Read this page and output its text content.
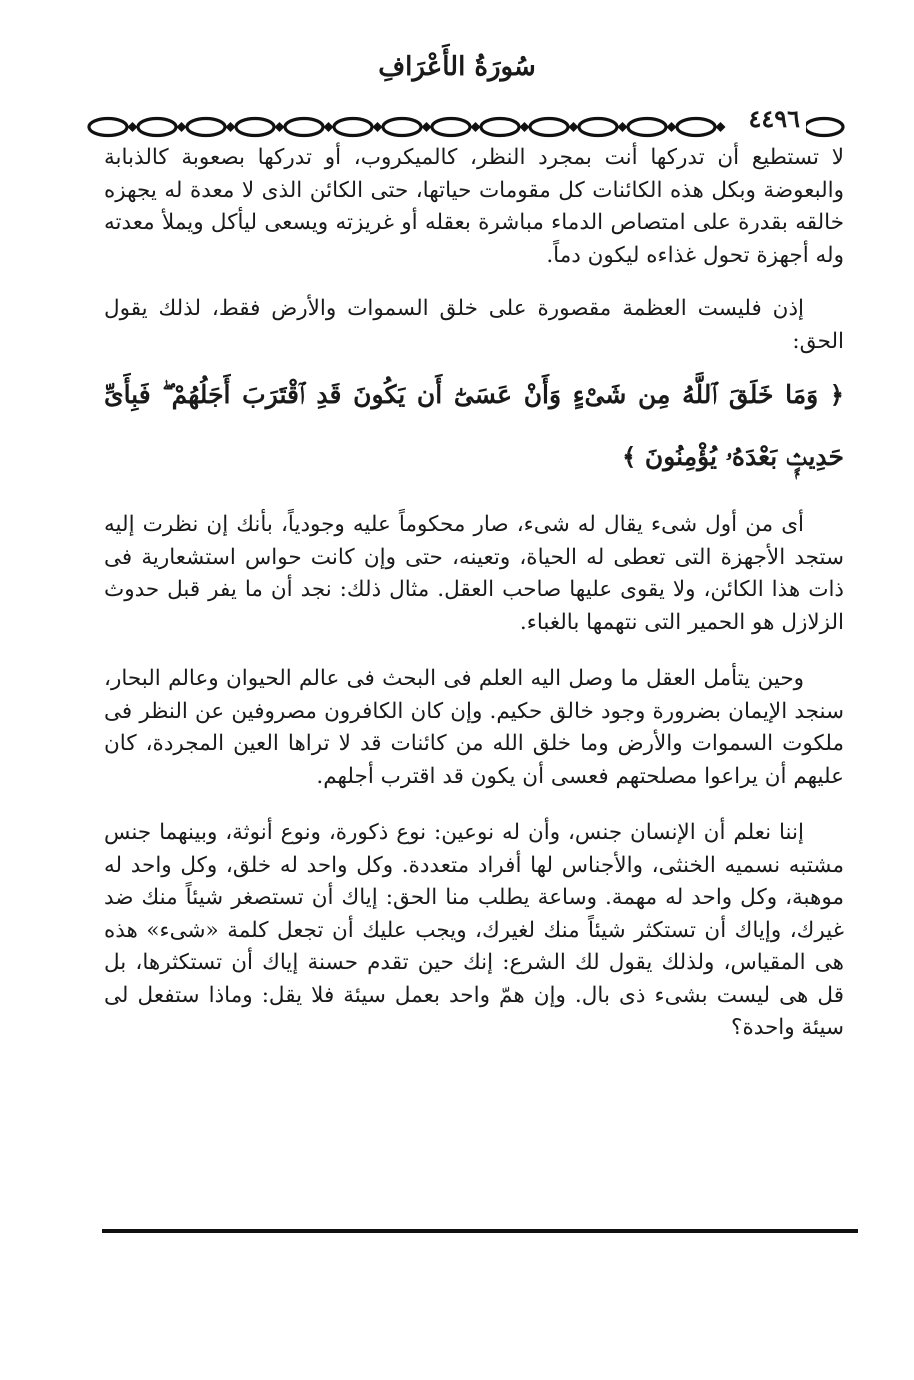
سُورَةُ الأَعْرَافِ
٤٤٩٦

لا تستطيع أن تدركها أنت بمجرد النظر، كالميكروب، أو تدركها بصعوبة كالذبابة والبعوضة وبكل هذه الكائنات كل مقومات حياتها، حتى الكائن الذى لا معدة له يجهزه خالقه بقدرة على امتصاص الدماء مباشرة بعقله أو غريزته ويسعى ليأكل ويملأ معدته وله أجهزة تحول غذاءه ليكون دماً.

إذن فليست العظمة مقصورة على خلق السموات والأرض فقط، لذلك يقول الحق:

﴿ وَمَا خَلَقَ ٱللَّهُ مِن شَىْءٍ وَأَنْ عَسَىٰٓ أَن يَكُونَ قَدِ ٱقْتَرَبَ أَجَلُهُمْ ۖ فَبِأَىِّ حَدِيثٍۭ بَعْدَهُۥ يُؤْمِنُونَ ﴾

أى من أول شىء يقال له شىء، صار محكوماً عليه وجودياً، بأنك إن نظرت إليه ستجد الأجهزة التى تعطى له الحياة، وتعينه، حتى وإن كانت حواس استشعارية فى ذات هذا الكائن، ولا يقوى عليها صاحب العقل. مثال ذلك: نجد أن ما يفر قبل حدوث الزلازل هو الحمير التى نتهمها بالغباء.

وحين يتأمل العقل ما وصل اليه العلم فى البحث فى عالم الحيوان وعالم البحار، سنجد الإيمان بضرورة وجود خالق حكيم. وإن كان الكافرون مصروفين عن النظر فى ملكوت السموات والأرض وما خلق الله من كائنات قد لا تراها العين المجردة، كان عليهم أن يراعوا مصلحتهم فعسى أن يكون قد اقترب أجلهم.

إننا نعلم أن الإنسان جنس، وأن له نوعين: نوع ذكورة، ونوع أنوثة، وبينهما جنس مشتبه نسميه الخنثى، والأجناس لها أفراد متعددة. وكل واحد له خلق، وكل واحد له موهبة، وكل واحد له مهمة. وساعة يطلب منا الحق: إياك أن تستصغر شيئاً منك ضد غيرك، وإياك أن تستكثر شيئاً منك لغيرك، ويجب عليك أن تجعل كلمة «شىء» هذه هى المقياس، ولذلك يقول لك الشرع: إنك حين تقدم حسنة إياك أن تستكثرها، بل قل هى ليست بشىء ذى بال. وإن همّ واحد بعمل سيئة فلا يقل: وماذا ستفعل لى سيئة واحدة؟
